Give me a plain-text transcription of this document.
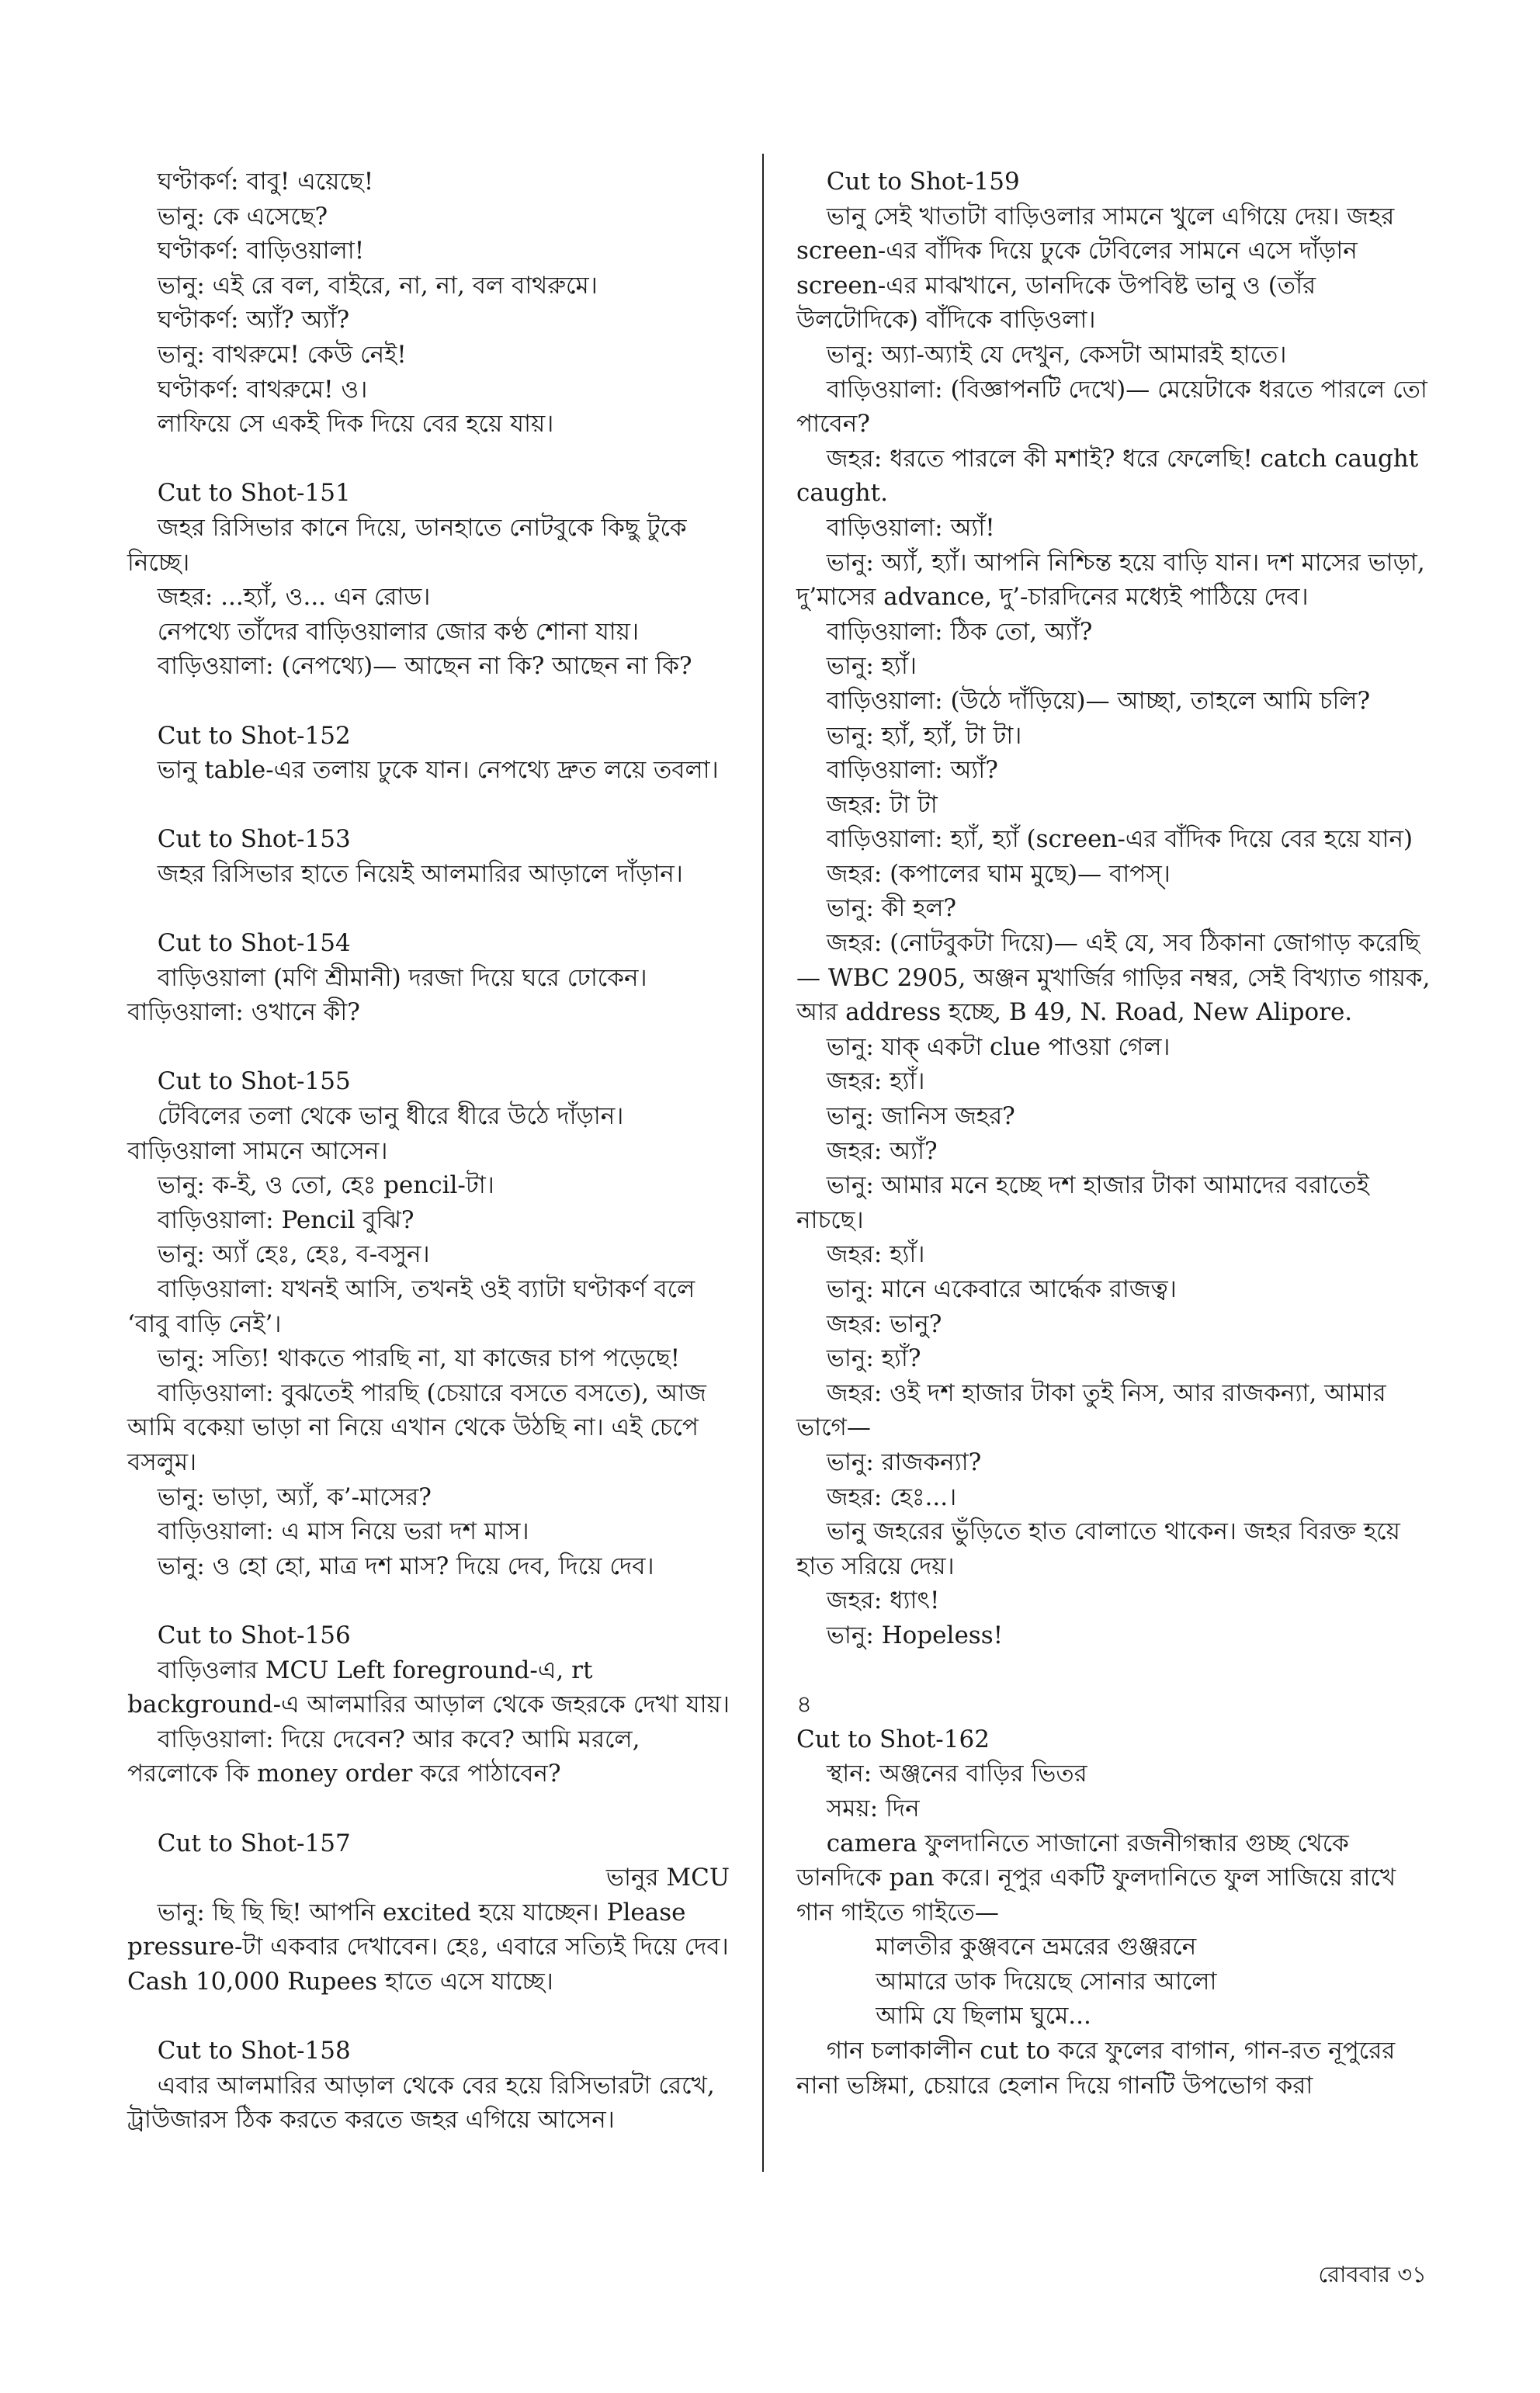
ঘণ্টাকর্ণ: বাবু! এয়েছে!

ভানু: কে এসেছে?

ঘণ্টাকর্ণ: বাড়িওয়ালা!

ভানু: এই রে বল, বাইরে, না, না, বল বাথরুমে।

ঘণ্টাকর্ণ: অ্যাঁ? অ্যাঁ?

ভানু: বাথরুমে! কেউ নেই!

ঘণ্টাকর্ণ: বাথরুমে! ও।

লাফিয়ে সে একই দিক দিয়ে বের হয়ে যায়।

Cut to Shot-151

জহর রিসিভার কানে দিয়ে, ডানহাতে নোটবুকে কিছু টুকে নিচ্ছে।

জহর: ...হ্যাঁ, ও... এন রোড।

নেপথ্যে তাঁদের বাড়িওয়ালার জোর কণ্ঠ শোনা যায়।

বাড়িওয়ালা: (নেপথ্যে)— আছেন না কি? আছেন না কি?

Cut to Shot-152

ভানু table-এর তলায় ঢুকে যান। নেপথ্যে দ্রুত লয়ে তবলা।

Cut to Shot-153

জহর রিসিভার হাতে নিয়েই আলমারির আড়ালে দাঁড়ান।

Cut to Shot-154

বাড়িওয়ালা (মণি শ্রীমানী) দরজা দিয়ে ঘরে ঢোকেন। বাড়িওয়ালা: ওখানে কী?

Cut to Shot-155

টেবিলের তলা থেকে ভানু ধীরে ধীরে উঠে দাঁড়ান। বাড়িওয়ালা সামনে আসেন।

ভানু: ক-ই, ও তো, হেঃ pencil-টা।

বাড়িওয়ালা: Pencil বুঝি?

ভানু: অ্যাঁ হেঃ, হেঃ, ব-বসুন।

বাড়িওয়ালা: যখনই আসি, তখনই ওই ব্যাটা ঘণ্টাকর্ণ বলে ‘বাবু বাড়ি নেই’।

ভানু: সত্যি! থাকতে পারছি না, যা কাজের চাপ পড়েছে!

বাড়িওয়ালা: বুঝতেই পারছি (চেয়ারে বসতে বসতে), আজ আমি বকেয়া ভাড়া না নিয়ে এখান থেকে উঠছি না। এই চেপে বসলুম।

ভানু: ভাড়া, অ্যাঁ, ক’-মাসের?

বাড়িওয়ালা: এ মাস নিয়ে ভরা দশ মাস।

ভানু: ও হো হো, মাত্র দশ মাস? দিয়ে দেব, দিয়ে দেব।

Cut to Shot-156

বাড়িওলার MCU Left foreground-এ, rt background-এ আলমারির আড়াল থেকে জহরকে দেখা যায়।

বাড়িওয়ালা: দিয়ে দেবেন? আর কবে? আমি মরলে, পরলোকে কি money order করে পাঠাবেন?

Cut to Shot-157

ভানুর MCU

ভানু: ছি ছি ছি! আপনি excited হয়ে যাচ্ছেন। Please pressure-টা একবার দেখাবেন। হেঃ, এবারে সত্যিই দিয়ে দেব। Cash 10,000 Rupees হাতে এসে যাচ্ছে।

Cut to Shot-158

এবার আলমারির আড়াল থেকে বের হয়ে রিসিভারটা রেখে, ট্রাউজারস ঠিক করতে করতে জহর এগিয়ে আসেন।

Cut to Shot-159

ভানু সেই খাতাটা বাড়িওলার সামনে খুলে এগিয়ে দেয়। জহর screen-এর বাঁদিক দিয়ে ঢুকে টেবিলের সামনে এসে দাঁড়ান screen-এর মাঝখানে, ডানদিকে উপবিষ্ট ভানু ও (তাঁর উলটোদিকে) বাঁদিকে বাড়িওলা।

ভানু: অ্যা-অ্যাই যে দেখুন, কেসটা আমারই হাতে।

বাড়িওয়ালা: (বিজ্ঞাপনটি দেখে)— মেয়েটাকে ধরতে পারলে তো পাবেন?

জহর: ধরতে পারলে কী মশাই? ধরে ফেলেছি! catch caught caught.

বাড়িওয়ালা: অ্যাঁ!

ভানু: অ্যাঁ, হ্যাঁ। আপনি নিশ্চিন্ত হয়ে বাড়ি যান। দশ মাসের ভাড়া, দু’মাসের advance, দু’-চারদিনের মধ্যেই পাঠিয়ে দেব।

বাড়িওয়ালা: ঠিক তো, অ্যাঁ?

ভানু: হ্যাঁ।

বাড়িওয়ালা: (উঠে দাঁড়িয়ে)— আচ্ছা, তাহলে আমি চলি?

ভানু: হ্যাঁ, হ্যাঁ, টা টা।

বাড়িওয়ালা: অ্যাঁ?

জহর: টা টা

বাড়িওয়ালা: হ্যাঁ, হ্যাঁ (screen-এর বাঁদিক দিয়ে বের হয়ে যান)

জহর: (কপালের ঘাম মুছে)— বাপস্।

ভানু: কী হল?

জহর: (নোটবুকটা দিয়ে)— এই যে, সব ঠিকানা জোগাড় করেছি— WBC 2905, অঞ্জন মুখার্জির গাড়ির নম্বর, সেই বিখ্যাত গায়ক, আর address হচ্ছে, B 49, N. Road, New Alipore.

ভানু: যাক্ একটা clue পাওয়া গেল।

জহর: হ্যাঁ।

ভানু: জানিস জহর?

জহর: অ্যাঁ?

ভানু: আমার মনে হচ্ছে দশ হাজার টাকা আমাদের বরাতেই নাচছে।

জহর: হ্যাঁ।

ভানু: মানে একেবারে আর্দ্ধেক রাজত্ব।

জহর: ভানু?

ভানু: হ্যাঁ?

জহর: ওই দশ হাজার টাকা তুই নিস, আর রাজকন্যা, আমার ভাগে—

ভানু: রাজকন্যা?

জহর: হেঃ...।

ভানু জহরের ভুঁড়িতে হাত বোলাতে থাকেন। জহর বিরক্ত হয়ে হাত সরিয়ে দেয়।

জহর: ধ্যাৎ!

ভানু: Hopeless!

৪

Cut to Shot-162

স্থান: অঞ্জনের বাড়ির ভিতর

সময়: দিন

camera ফুলদানিতে সাজানো রজনীগন্ধার গুচ্ছ থেকে ডানদিকে pan করে। নূপুর একটি ফুলদানিতে ফুল সাজিয়ে রাখে গান গাইতে গাইতে—

মালতীর কুঞ্জবনে ভ্রমরের গুঞ্জরনে

আমারে ডাক দিয়েছে সোনার আলো

আমি যে ছিলাম ঘুমে...

গান চলাকালীন cut to করে ফুলের বাগান, গান-রত নূপুরের নানা ভঙ্গিমা, চেয়ারে হেলান দিয়ে গানটি উপভোগ করা

রোববার ৩১
